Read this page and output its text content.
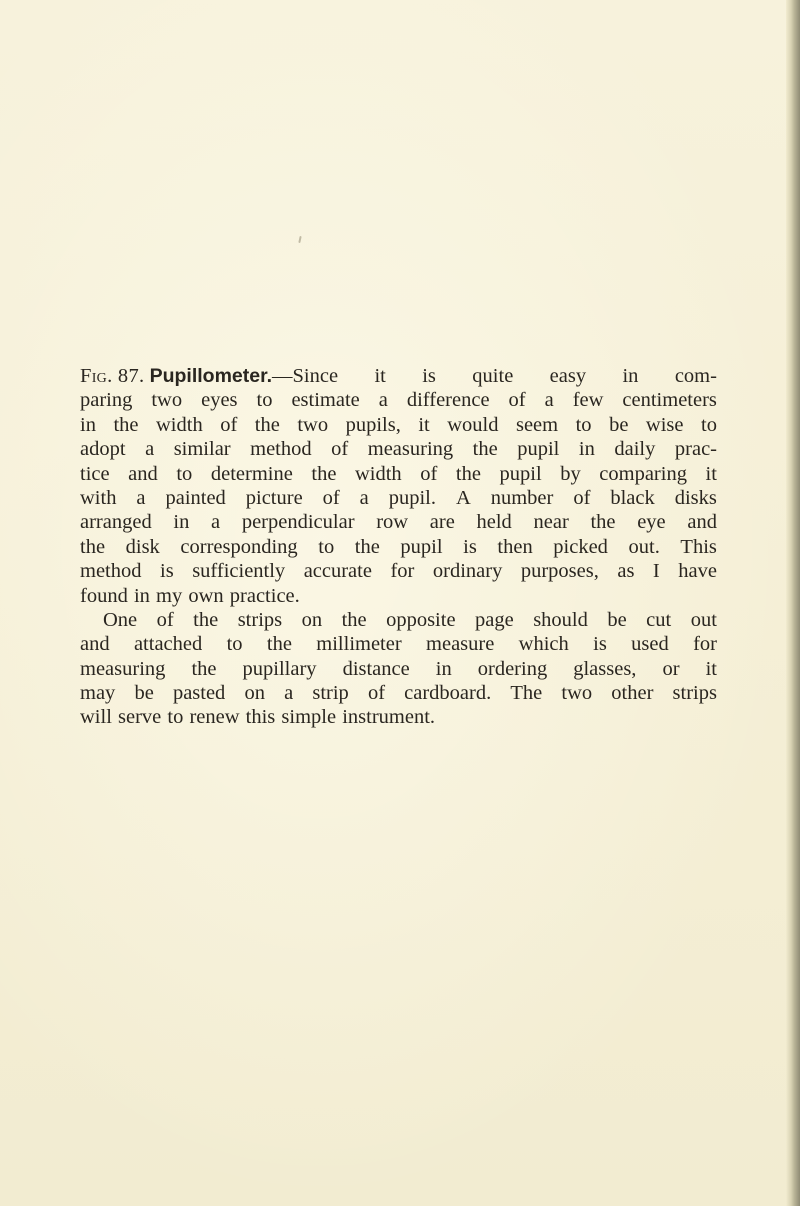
Fig. 87. Pupillometer.—Since it is quite easy in com-
paring two eyes to estimate a difference of a few centimeters
in the width of the two pupils, it would seem to be wise to
adopt a similar method of measuring the pupil in daily prac-
tice and to determine the width of the pupil by comparing it
with a painted picture of a pupil. A number of black disks
arranged in a perpendicular row are held near the eye and
the disk corresponding to the pupil is then picked out. This
method is sufficiently accurate for ordinary purposes, as I have
found in my own practice.
One of the strips on the opposite page should be cut out
and attached to the millimeter measure which is used for
measuring the pupillary distance in ordering glasses, or it
may be pasted on a strip of cardboard. The two other strips
will serve to renew this simple instrument.
